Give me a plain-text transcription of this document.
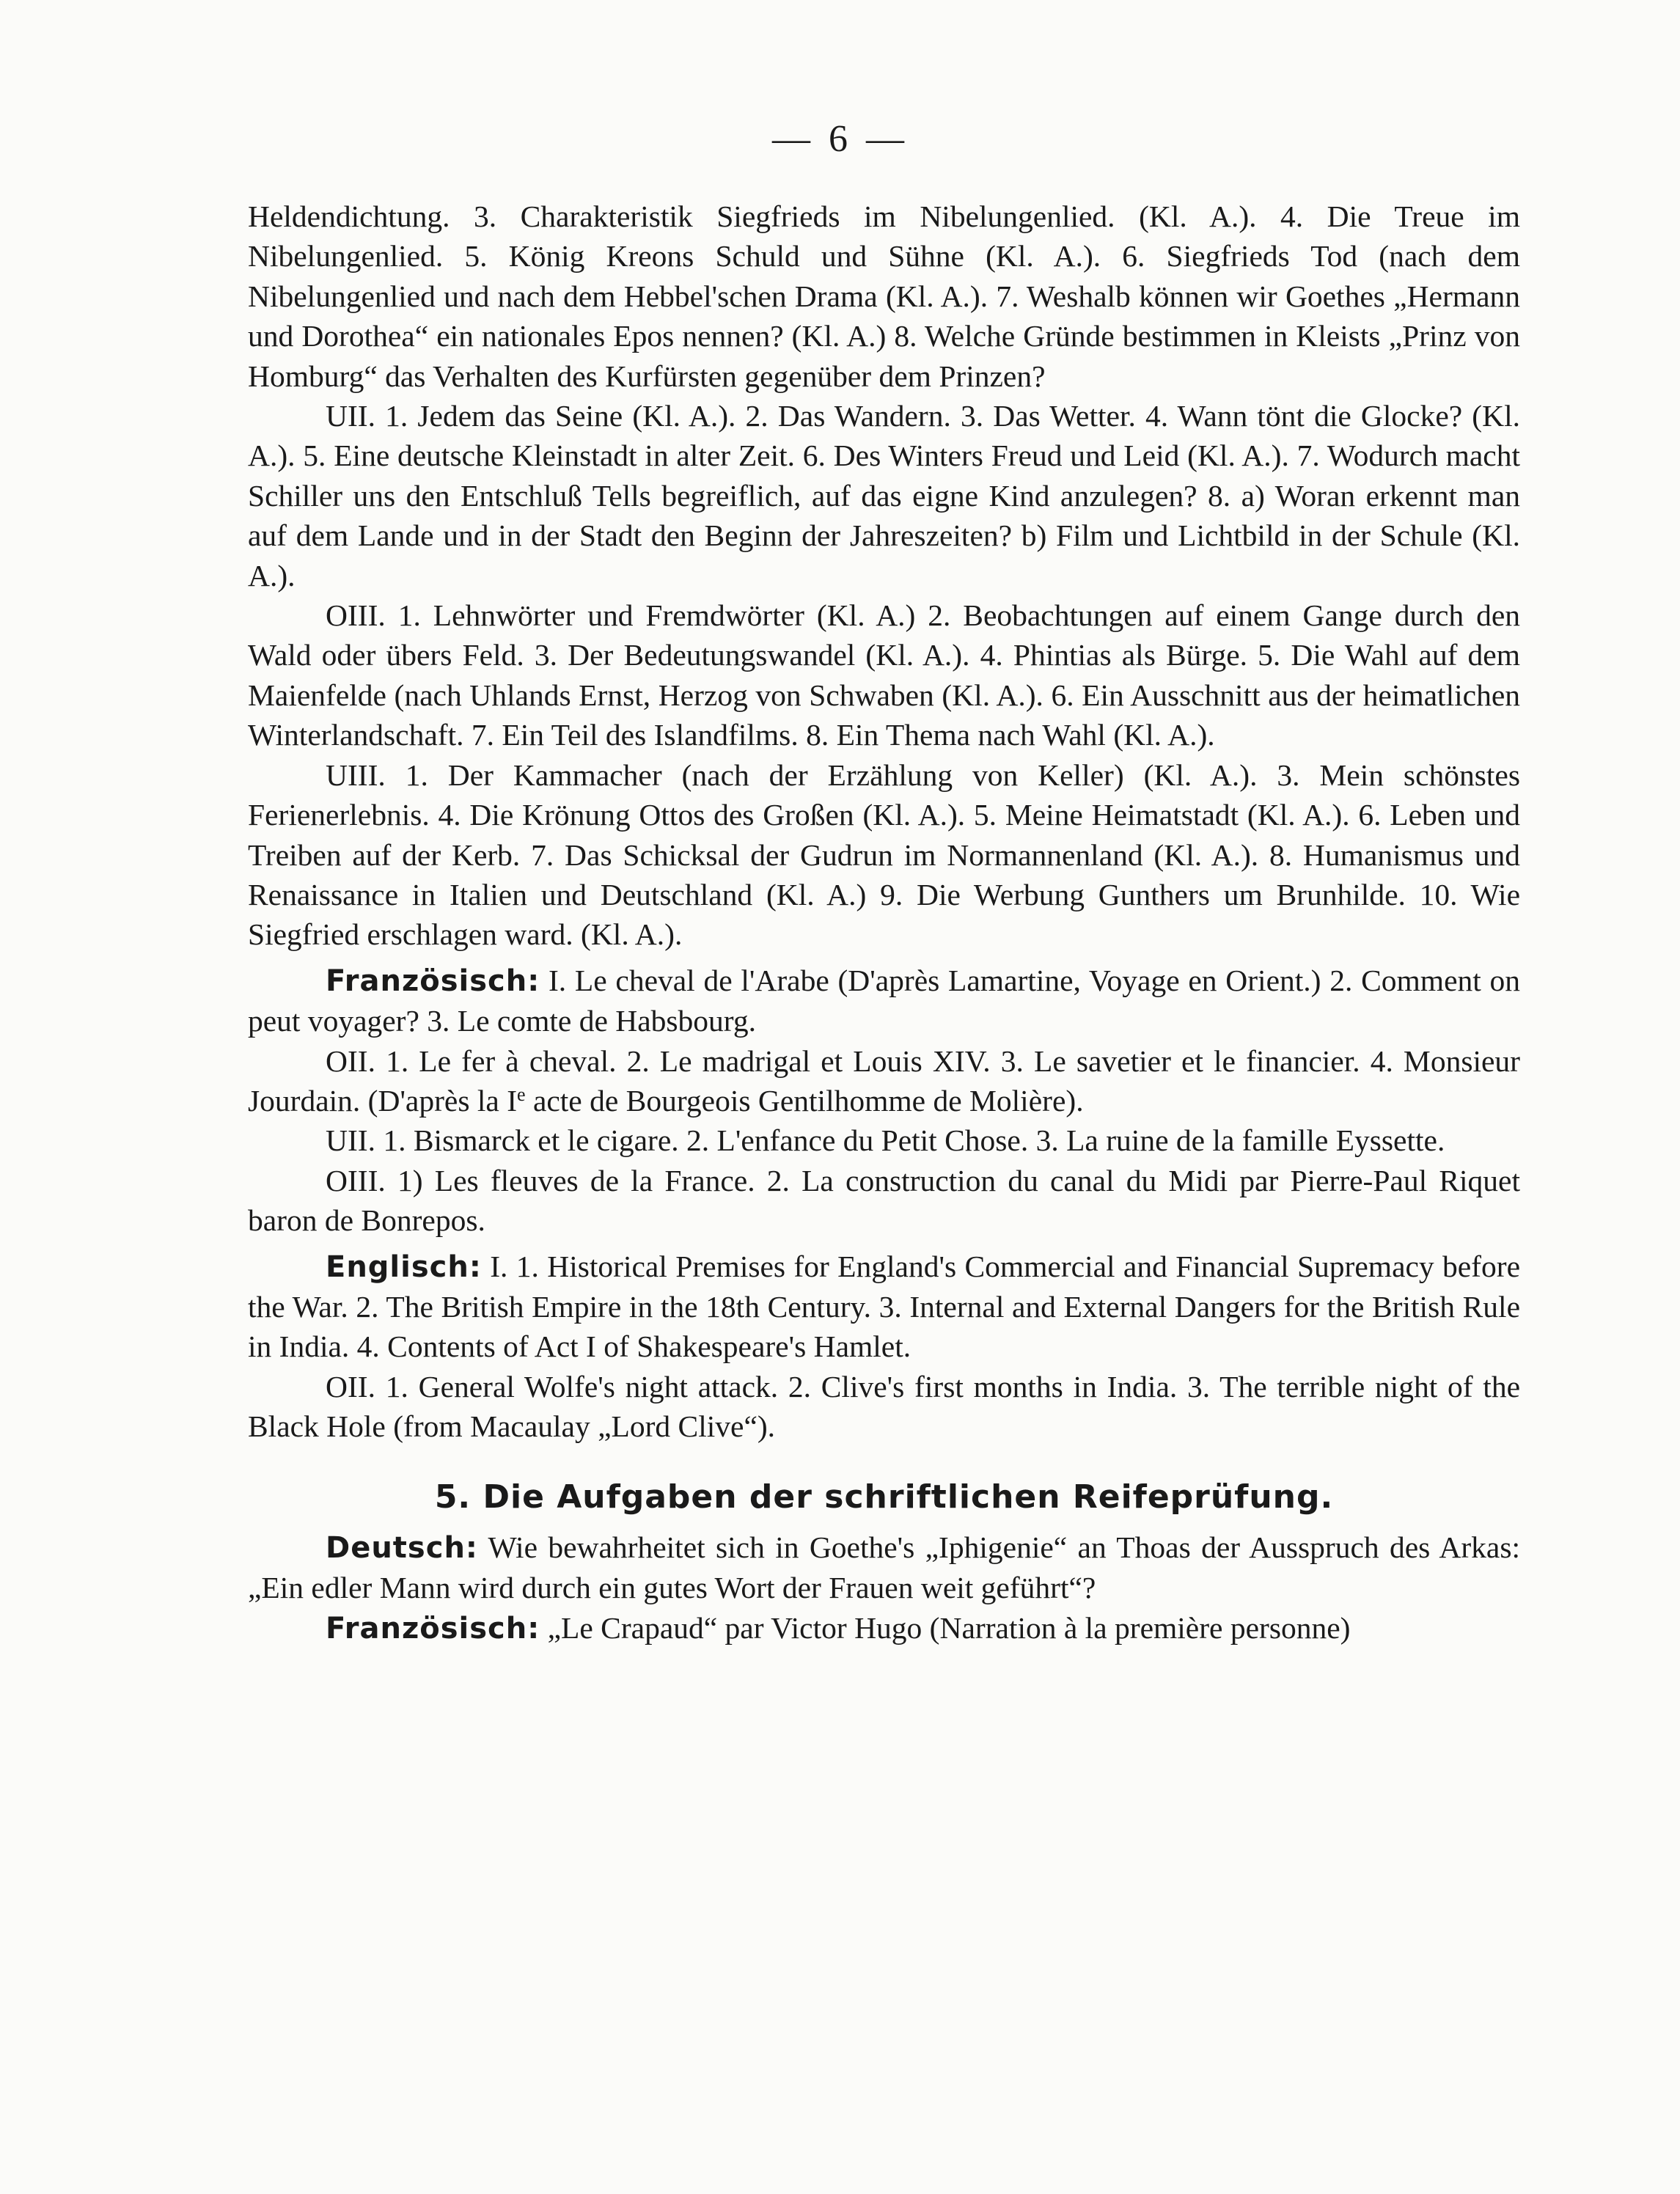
— 6 —

Heldendichtung. 3. Charakteristik Siegfrieds im Nibelungenlied. (Kl. A.). 4. Die Treue im Nibelungenlied. 5. König Kreons Schuld und Sühne (Kl. A.). 6. Siegfrieds Tod (nach dem Nibelungenlied und nach dem Hebbel'schen Drama (Kl. A.). 7. Weshalb können wir Goethes „Hermann und Dorothea“ ein nationales Epos nennen? (Kl. A.) 8. Welche Gründe bestimmen in Kleists „Prinz von Homburg“ das Verhalten des Kurfürsten gegenüber dem Prinzen?

UII. 1. Jedem das Seine (Kl. A.). 2. Das Wandern. 3. Das Wetter. 4. Wann tönt die Glocke? (Kl. A.). 5. Eine deutsche Kleinstadt in alter Zeit. 6. Des Winters Freud und Leid (Kl. A.). 7. Wodurch macht Schiller uns den Entschluß Tells begreiflich, auf das eigne Kind anzulegen? 8. a) Woran erkennt man auf dem Lande und in der Stadt den Beginn der Jahreszeiten? b) Film und Lichtbild in der Schule (Kl. A.).

OIII. 1. Lehnwörter und Fremdwörter (Kl. A.) 2. Beobachtungen auf einem Gange durch den Wald oder übers Feld. 3. Der Bedeutungswandel (Kl. A.). 4. Phintias als Bürge. 5. Die Wahl auf dem Maienfelde (nach Uhlands Ernst, Herzog von Schwaben (Kl. A.). 6. Ein Ausschnitt aus der heimatlichen Winterlandschaft. 7. Ein Teil des Islandfilms. 8. Ein Thema nach Wahl (Kl. A.).

UIII. 1. Der Kammacher (nach der Erzählung von Keller) (Kl. A.). 3. Mein schönstes Ferienerlebnis. 4. Die Krönung Ottos des Großen (Kl. A.). 5. Meine Heimatstadt (Kl. A.). 6. Leben und Treiben auf der Kerb. 7. Das Schicksal der Gudrun im Normannenland (Kl. A.). 8. Humanismus und Renaissance in Italien und Deutschland (Kl. A.) 9. Die Werbung Gunthers um Brunhilde. 10. Wie Siegfried erschlagen ward. (Kl. A.).

Französisch: I. Le cheval de l'Arabe (D'après Lamartine, Voyage en Orient.) 2. Comment on peut voyager? 3. Le comte de Habsbourg.

OII. 1. Le fer à cheval. 2. Le madrigal et Louis XIV. 3. Le savetier et le financier. 4. Monsieur Jourdain. (D'après la Ie acte de Bourgeois Gentilhomme de Molière).

UII. 1. Bismarck et le cigare. 2. L'enfance du Petit Chose. 3. La ruine de la famille Eyssette.

OIII. 1) Les fleuves de la France. 2. La construction du canal du Midi par Pierre-Paul Riquet baron de Bonrepos.

Englisch: I. 1. Historical Premises for England's Commercial and Financial Supremacy before the War. 2. The British Empire in the 18th Century. 3. Internal and External Dangers for the British Rule in India. 4. Contents of Act I of Shakespeare's Hamlet.

OII. 1. General Wolfe's night attack. 2. Clive's first months in India. 3. The terrible night of the Black Hole (from Macaulay „Lord Clive“).

5. Die Aufgaben der schriftlichen Reifeprüfung.

Deutsch: Wie bewahrheitet sich in Goethe's „Iphigenie“ an Thoas der Ausspruch des Arkas: „Ein edler Mann wird durch ein gutes Wort der Frauen weit geführt“?

Französisch: „Le Crapaud“ par Victor Hugo (Narration à la première personne)
